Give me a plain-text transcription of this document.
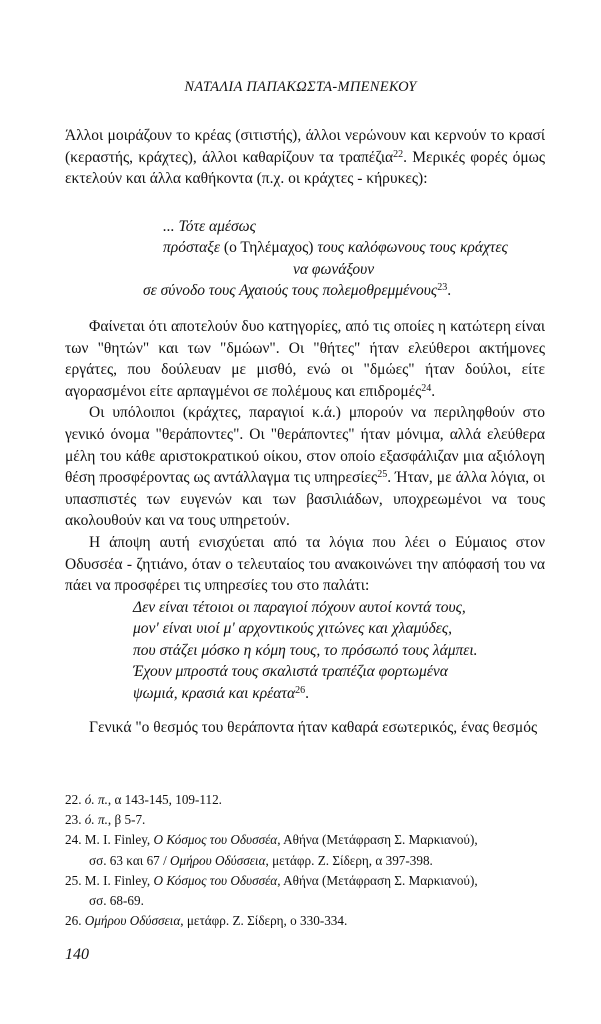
ΝΑΤΑΛΙΑ ΠΑΠΑΚΩΣΤΑ-ΜΠΕΝΕΚΟΥ

Άλλοι μοιράζουν το κρέας (σιτιστής), άλλοι νερώνουν και κερνούν το κρασί (κεραστής, κράχτες), άλλοι καθαρίζουν τα τραπέζια$^{22}$. Μερικές φορές όμως εκτελούν και άλλα καθήκοντα (π.χ. οι κράχτες - κήρυκες):

... Τότε αμέσως
πρόσταξε (ο Τηλέμαχος) τους καλόφωνους τους κράχτες
να φωνάξουν
σε σύνοδο τους Αχαιούς τους πολεμοθρεμμένους$^{23}$.

Φαίνεται ότι αποτελούν δυο κατηγορίες, από τις οποίες η κατώτερη είναι των "θητών" και των "δμώων". Οι "θήτες" ήταν ελεύθεροι ακτήμονες εργάτες, που δούλευαν με μισθό, ενώ οι "δμώες" ήταν δούλοι, είτε αγορασμένοι είτε αρπαγμένοι σε πολέμους και επιδρομές$^{24}$.

Οι υπόλοιποι (κράχτες, παραγιοί κ.ά.) μπορούν να περιληφθούν στο γενικό όνομα "θεράποντες". Οι "θεράποντες" ήταν μόνιμα, αλλά ελεύθερα μέλη του κάθε αριστοκρατικού οίκου, στον οποίο εξασφάλιζαν μια αξιόλογη θέση προσφέροντας ως αντάλλαγμα τις υπηρεσίες$^{25}$. Ήταν, με άλλα λόγια, οι υπασπιστές των ευγενών και των βασιλιάδων, υποχρεωμένοι να τους ακολουθούν και να τους υπηρετούν.

Η άποψη αυτή ενισχύεται από τα λόγια που λέει ο Εύμαιος στον Οδυσσέα - ζητιάνο, όταν ο τελευταίος του ανακοινώνει την απόφασή του να πάει να προσφέρει τις υπηρεσίες του στο παλάτι:

Δεν είναι τέτοιοι οι παραγιοί πόχουν αυτοί κοντά τους,
μον' είναι υιοί μ' αρχοντικούς χιτώνες και χλαμύδες,
που στάζει μόσκο η κόμη τους, το πρόσωπό τους λάμπει.
Έχουν μπροστά τους σκαλιστά τραπέζια φορτωμένα
ψωμιά, κρασιά και κρέατα$^{26}$.

Γενικά "ο θεσμός του θεράποντα ήταν καθαρά εσωτερικός, ένας θεσμός

22. ό. π., α 143-145, 109-112.
23. ό. π., β 5-7.
24. M. I. Finley, Ο Κόσμος του Οδυσσέα, Αθήνα (Μετάφραση Σ. Μαρκιανού),
σσ. 63 και 67 / Ομήρου Οδύσσεια, μετάφρ. Ζ. Σίδερη, α 397-398.
25. M. I. Finley, Ο Κόσμος του Οδυσσέα, Αθήνα (Μετάφραση Σ. Μαρκιανού),
σσ. 68-69.
26. Ομήρου Οδύσσεια, μετάφρ. Ζ. Σίδερη, ο 330-334.
140
